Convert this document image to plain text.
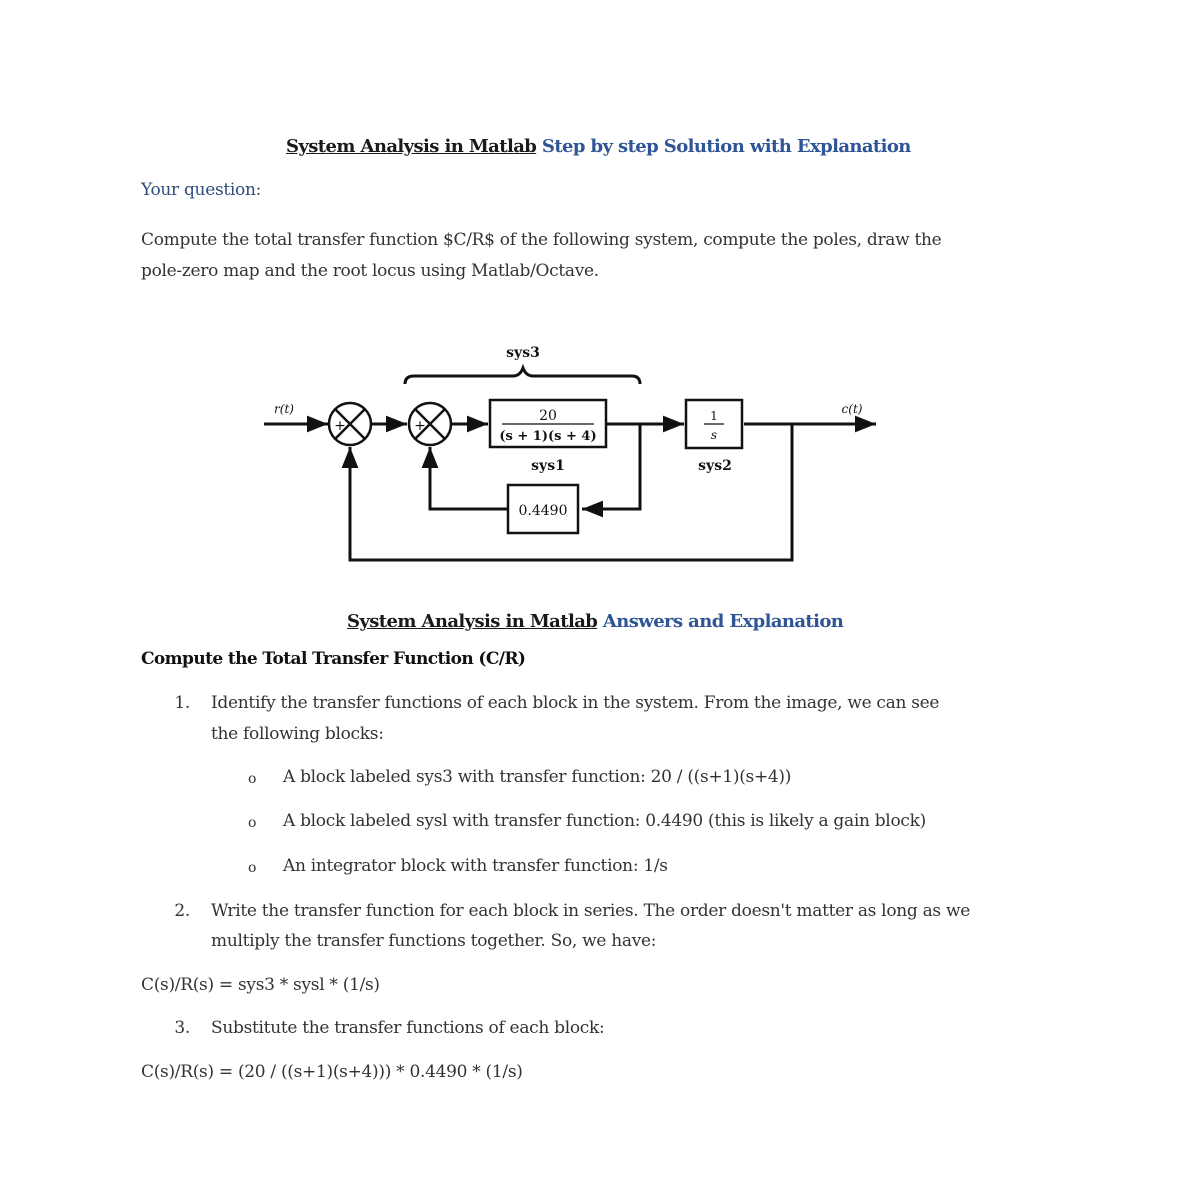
System Analysis in Matlab Step by step Solution with Explanation
Your question:
Compute the total transfer function $C/R$ of the following system, compute the poles, draw the
pole-zero map and the root locus using Matlab/Octave.
+	+
20
(s + 1)(s + 4)
sys1
1
s
sys2
0.4490
sys3
r(t)	c(t)
System Analysis in Matlab Answers and Explanation
Compute the Total Transfer Function (C/R)
1. Identify the transfer functions of each block in the system. From the image, we can see
the following blocks:
o A block labeled sys3 with transfer function: 20 / ((s+1)(s+4))
o A block labeled sysl with transfer function: 0.4490 (this is likely a gain block)
o An integrator block with transfer function: 1/s
2. Write the transfer function for each block in series. The order doesn't matter as long as we
multiply the transfer functions together. So, we have:
C(s)/R(s) = sys3 * sysl * (1/s)
3. Substitute the transfer functions of each block:
C(s)/R(s) = (20 / ((s+1)(s+4))) * 0.4490 * (1/s)
